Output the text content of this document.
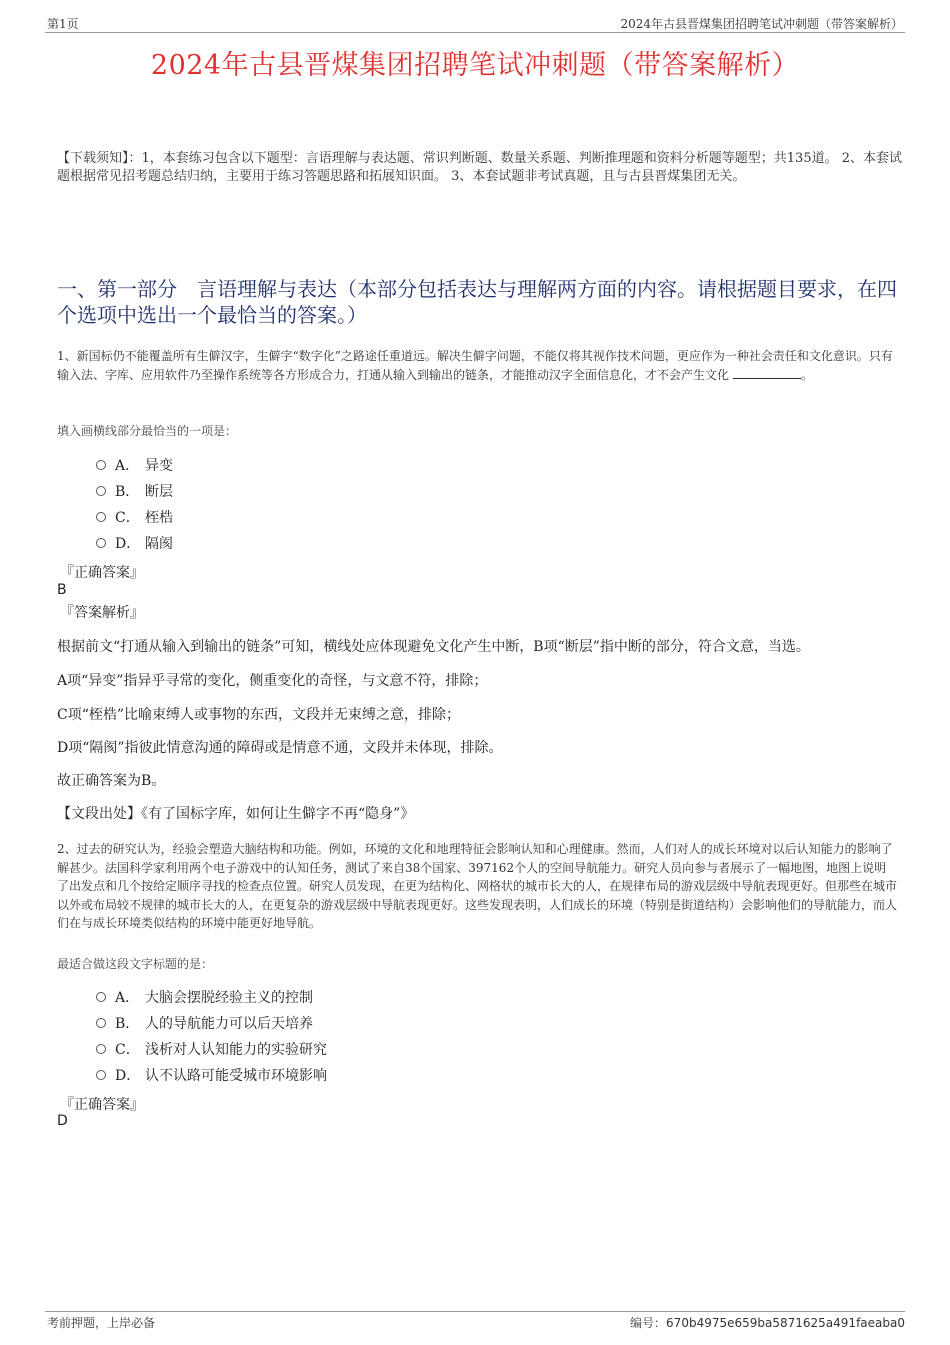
第1页	2024年古县晋煤集团招聘笔试冲刺题（带答案解析）
2024年古县晋煤集团招聘笔试冲刺题（带答案解析）
【下载须知】：1，本套练习包含以下题型：言语理解与表达题、常识判断题、数量关系题、判断推理题和资料分析题等题型；共135道。 2、本套试题根据常见招考题总结归纳，主要用于练习答题思路和拓展知识面。 3、本套试题非考试真题，且与古县晋煤集团无关。
一、第一部分　言语理解与表达（本部分包括表达与理解两方面的内容。请根据题目要求，在四个选项中选出一个最恰当的答案。）
1、新国标仍不能覆盖所有生僻汉字，生僻字“数字化”之路途任重道远。解决生僻字问题，不能仅将其视作技术问题，更应作为一种社会责任和文化意识。只有输入法、字库、应用软件乃至操作系统等各方形成合力，打通从输入到输出的链条，才能推动汉字全面信息化，才不会产生文化	。
填入画横线部分最恰当的一项是：
A． 异变
B． 断层
C． 桎梏
D． 隔阂
『正确答案』
B
『答案解析』
根据前文“打通从输入到输出的链条”可知，横线处应体现避免文化产生中断，B项“断层”指中断的部分，符合文意，当选。
A项“异变”指异乎寻常的变化，侧重变化的奇怪，与文意不符，排除；
C项“桎梏”比喻束缚人或事物的东西，文段并无束缚之意，排除；
D项“隔阂”指彼此情意沟通的障碍或是情意不通，文段并未体现，排除。
故正确答案为B。
【文段出处】《有了国标字库，如何让生僻字不再“隐身”》
2、过去的研究认为，经验会塑造大脑结构和功能。例如，环境的文化和地理特征会影响认知和心理健康。然而，人们对人的成长环境对以后认知能力的影响了解甚少。法国科学家利用两个电子游戏中的认知任务，测试了来自38个国家、397162个人的空间导航能力。研究人员向参与者展示了一幅地图，地图上说明了出发点和几个按给定顺序寻找的检查点位置。研究人员发现，在更为结构化、网格状的城市长大的人，在规律布局的游戏层级中导航表现更好。但那些在城市以外或布局较不规律的城市长大的人，在更复杂的游戏层级中导航表现更好。这些发现表明，人们成长的环境（特别是街道结构）会影响他们的导航能力，而人们在与成长环境类似结构的环境中能更好地导航。
最适合做这段文字标题的是：
A． 大脑会摆脱经验主义的控制
B． 人的导航能力可以后天培养
C． 浅析对人认知能力的实验研究
D． 认不认路可能受城市环境影响
『正确答案』
D
考前押题，上岸必备	编号：670b4975e659ba5871625a491faeaba0
